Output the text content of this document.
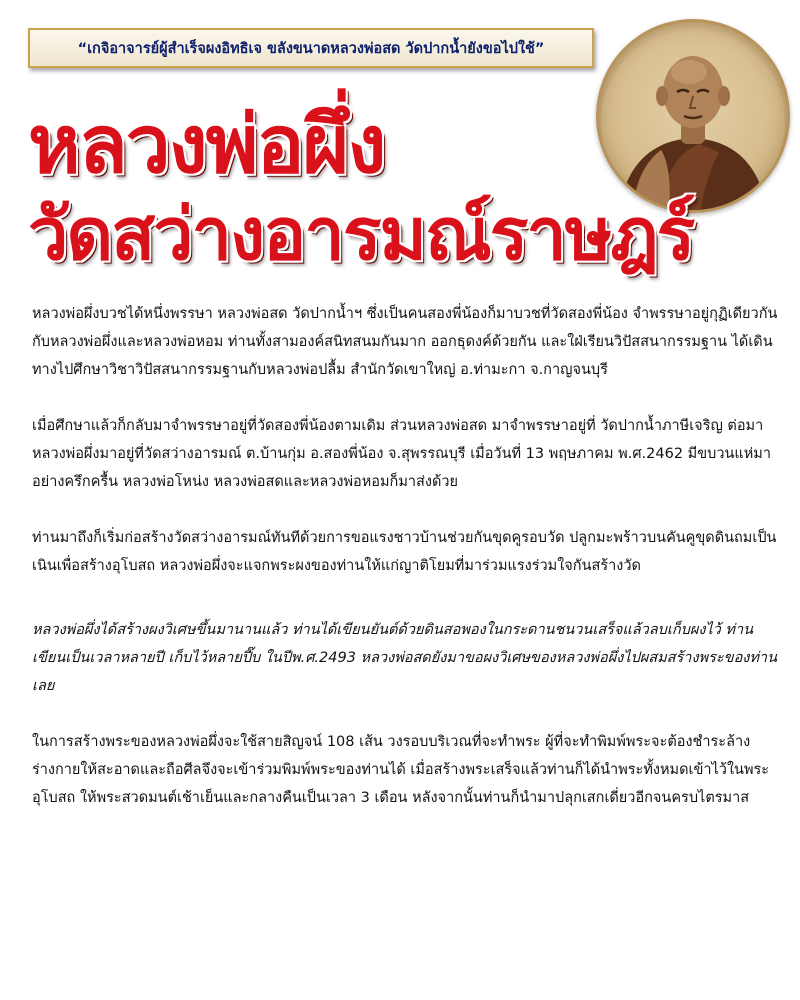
“เกจิอาจารย์ผู้สำเร็จผงอิทธิเจ ขลังขนาดหลวงพ่อสด วัดปากน้ำยังขอไปใช้”
หลวงพ่อผึ่ง
วัดสว่างอารมณ์ราษฎร์

หลวงพ่อผึ่งบวชได้หนึ่งพรรษา หลวงพ่อสด วัดปากน้ำฯ ซึ่งเป็นคนสองพี่น้องก็มาบวชที่วัดสองพี่น้อง จำพรรษาอยู่กุฏิเดียวกันกับหลวงพ่อผึ่งและหลวงพ่อหอม ท่านทั้งสามองค์สนิทสนมกันมาก ออกธุดงค์ด้วยกัน และใฝ่เรียนวิปัสสนากรรมฐาน ได้เดินทางไปศึกษาวิชาวิปัสสนากรรมฐานกับหลวงพ่อปลื้ม สำนักวัดเขาใหญ่ อ.ท่ามะกา จ.กาญจนบุรี

เมื่อศึกษาแล้วก็กลับมาจำพรรษาอยู่ที่วัดสองพี่น้องตามเดิม ส่วนหลวงพ่อสด มาจำพรรษาอยู่ที่ วัดปากน้ำภาษีเจริญ ต่อมาหลวงพ่อผึ่งมาอยู่ที่วัดสว่างอารมณ์ ต.บ้านกุ่ม อ.สองพี่น้อง จ.สุพรรณบุรี เมื่อวันที่ 13 พฤษภาคม พ.ศ.2462 มีขบวนแห่มาอย่างครึกครื้น หลวงพ่อโหน่ง หลวงพ่อสดและหลวงพ่อหอมก็มาส่งด้วย

ท่านมาถึงก็เริ่มก่อสร้างวัดสว่างอารมณ์ทันทีด้วยการขอแรงชาวบ้านช่วยกันขุดคูรอบวัด ปลูกมะพร้าวบนคันคูขุดดินถมเป็นเนินเพื่อสร้างอุโบสถ หลวงพ่อผึ่งจะแจกพระผงของท่านให้แก่ญาติโยมที่มาร่วมแรงร่วมใจกันสร้างวัด

หลวงพ่อผึ่งได้สร้างผงวิเศษขึ้นมานานแล้ว ท่านได้เขียนยันต์ด้วยดินสอพองในกระดานชนวนเสร็จแล้วลบเก็บผงไว้ ท่านเขียนเป็นเวลาหลายปี เก็บไว้หลายปี๊บ ในปีพ.ศ.2493 หลวงพ่อสดยังมาขอผงวิเศษของหลวงพ่อผึ่งไปผสมสร้างพระของท่านเลย

ในการสร้างพระของหลวงพ่อผึ่งจะใช้สายสิญจน์ 108 เส้น วงรอบบริเวณที่จะทำพระ ผู้ที่จะทำพิมพ์พระจะต้องชำระล้างร่างกายให้สะอาดและถือศีลจึงจะเข้าร่วมพิมพ์พระของท่านได้ เมื่อสร้างพระเสร็จแล้วท่านก็ได้นำพระทั้งหมดเข้าไว้ในพระอุโบสถ ให้พระสวดมนต์เช้าเย็นและกลางคืนเป็นเวลา 3 เดือน หลังจากนั้นท่านก็นำมาปลุกเสกเดี่ยวอีกจนครบไตรมาส
